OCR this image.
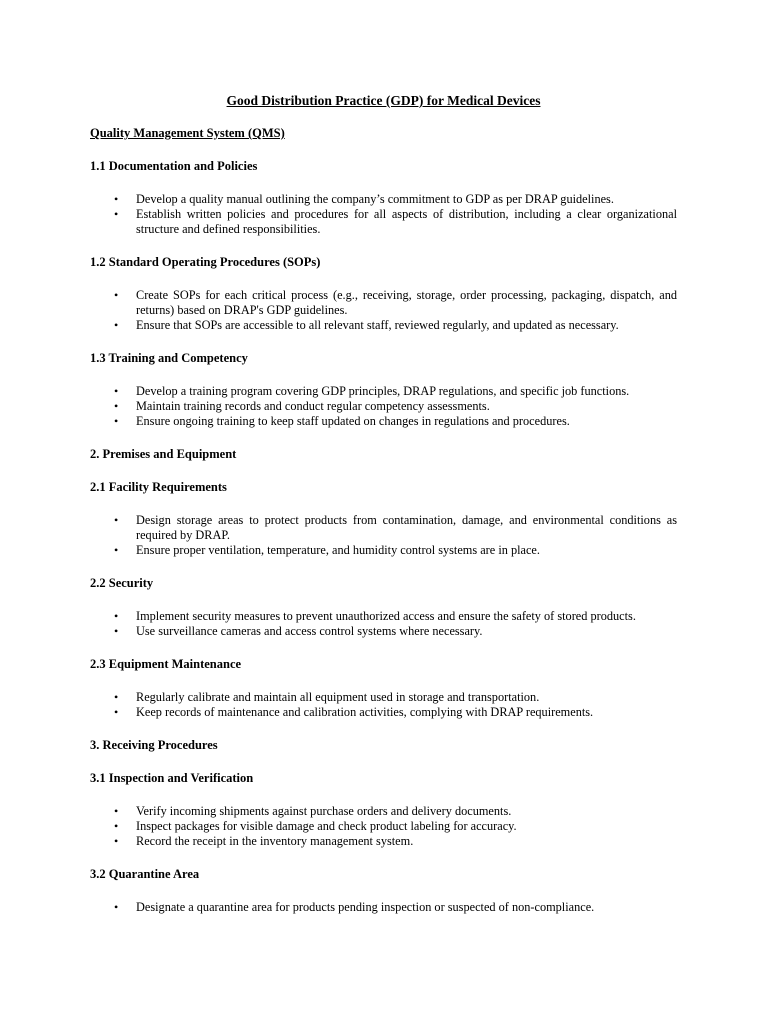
Good Distribution Practice (GDP) for Medical Devices
Quality Management System (QMS)
1.1 Documentation and Policies
• Develop a quality manual outlining the company’s commitment to GDP as per DRAP guidelines.
• Establish written policies and procedures for all aspects of distribution, including a clear organizational structure and defined responsibilities.
1.2 Standard Operating Procedures (SOPs)
• Create SOPs for each critical process (e.g., receiving, storage, order processing, packaging, dispatch, and returns) based on DRAP's GDP guidelines.
• Ensure that SOPs are accessible to all relevant staff, reviewed regularly, and updated as necessary.
1.3 Training and Competency
• Develop a training program covering GDP principles, DRAP regulations, and specific job functions.
• Maintain training records and conduct regular competency assessments.
• Ensure ongoing training to keep staff updated on changes in regulations and procedures.
2. Premises and Equipment
2.1 Facility Requirements
• Design storage areas to protect products from contamination, damage, and environmental conditions as required by DRAP.
• Ensure proper ventilation, temperature, and humidity control systems are in place.
2.2 Security
• Implement security measures to prevent unauthorized access and ensure the safety of stored products.
• Use surveillance cameras and access control systems where necessary.
2.3 Equipment Maintenance
• Regularly calibrate and maintain all equipment used in storage and transportation.
• Keep records of maintenance and calibration activities, complying with DRAP requirements.
3. Receiving Procedures
3.1 Inspection and Verification
• Verify incoming shipments against purchase orders and delivery documents.
• Inspect packages for visible damage and check product labeling for accuracy.
• Record the receipt in the inventory management system.
3.2 Quarantine Area
• Designate a quarantine area for products pending inspection or suspected of non-compliance.
